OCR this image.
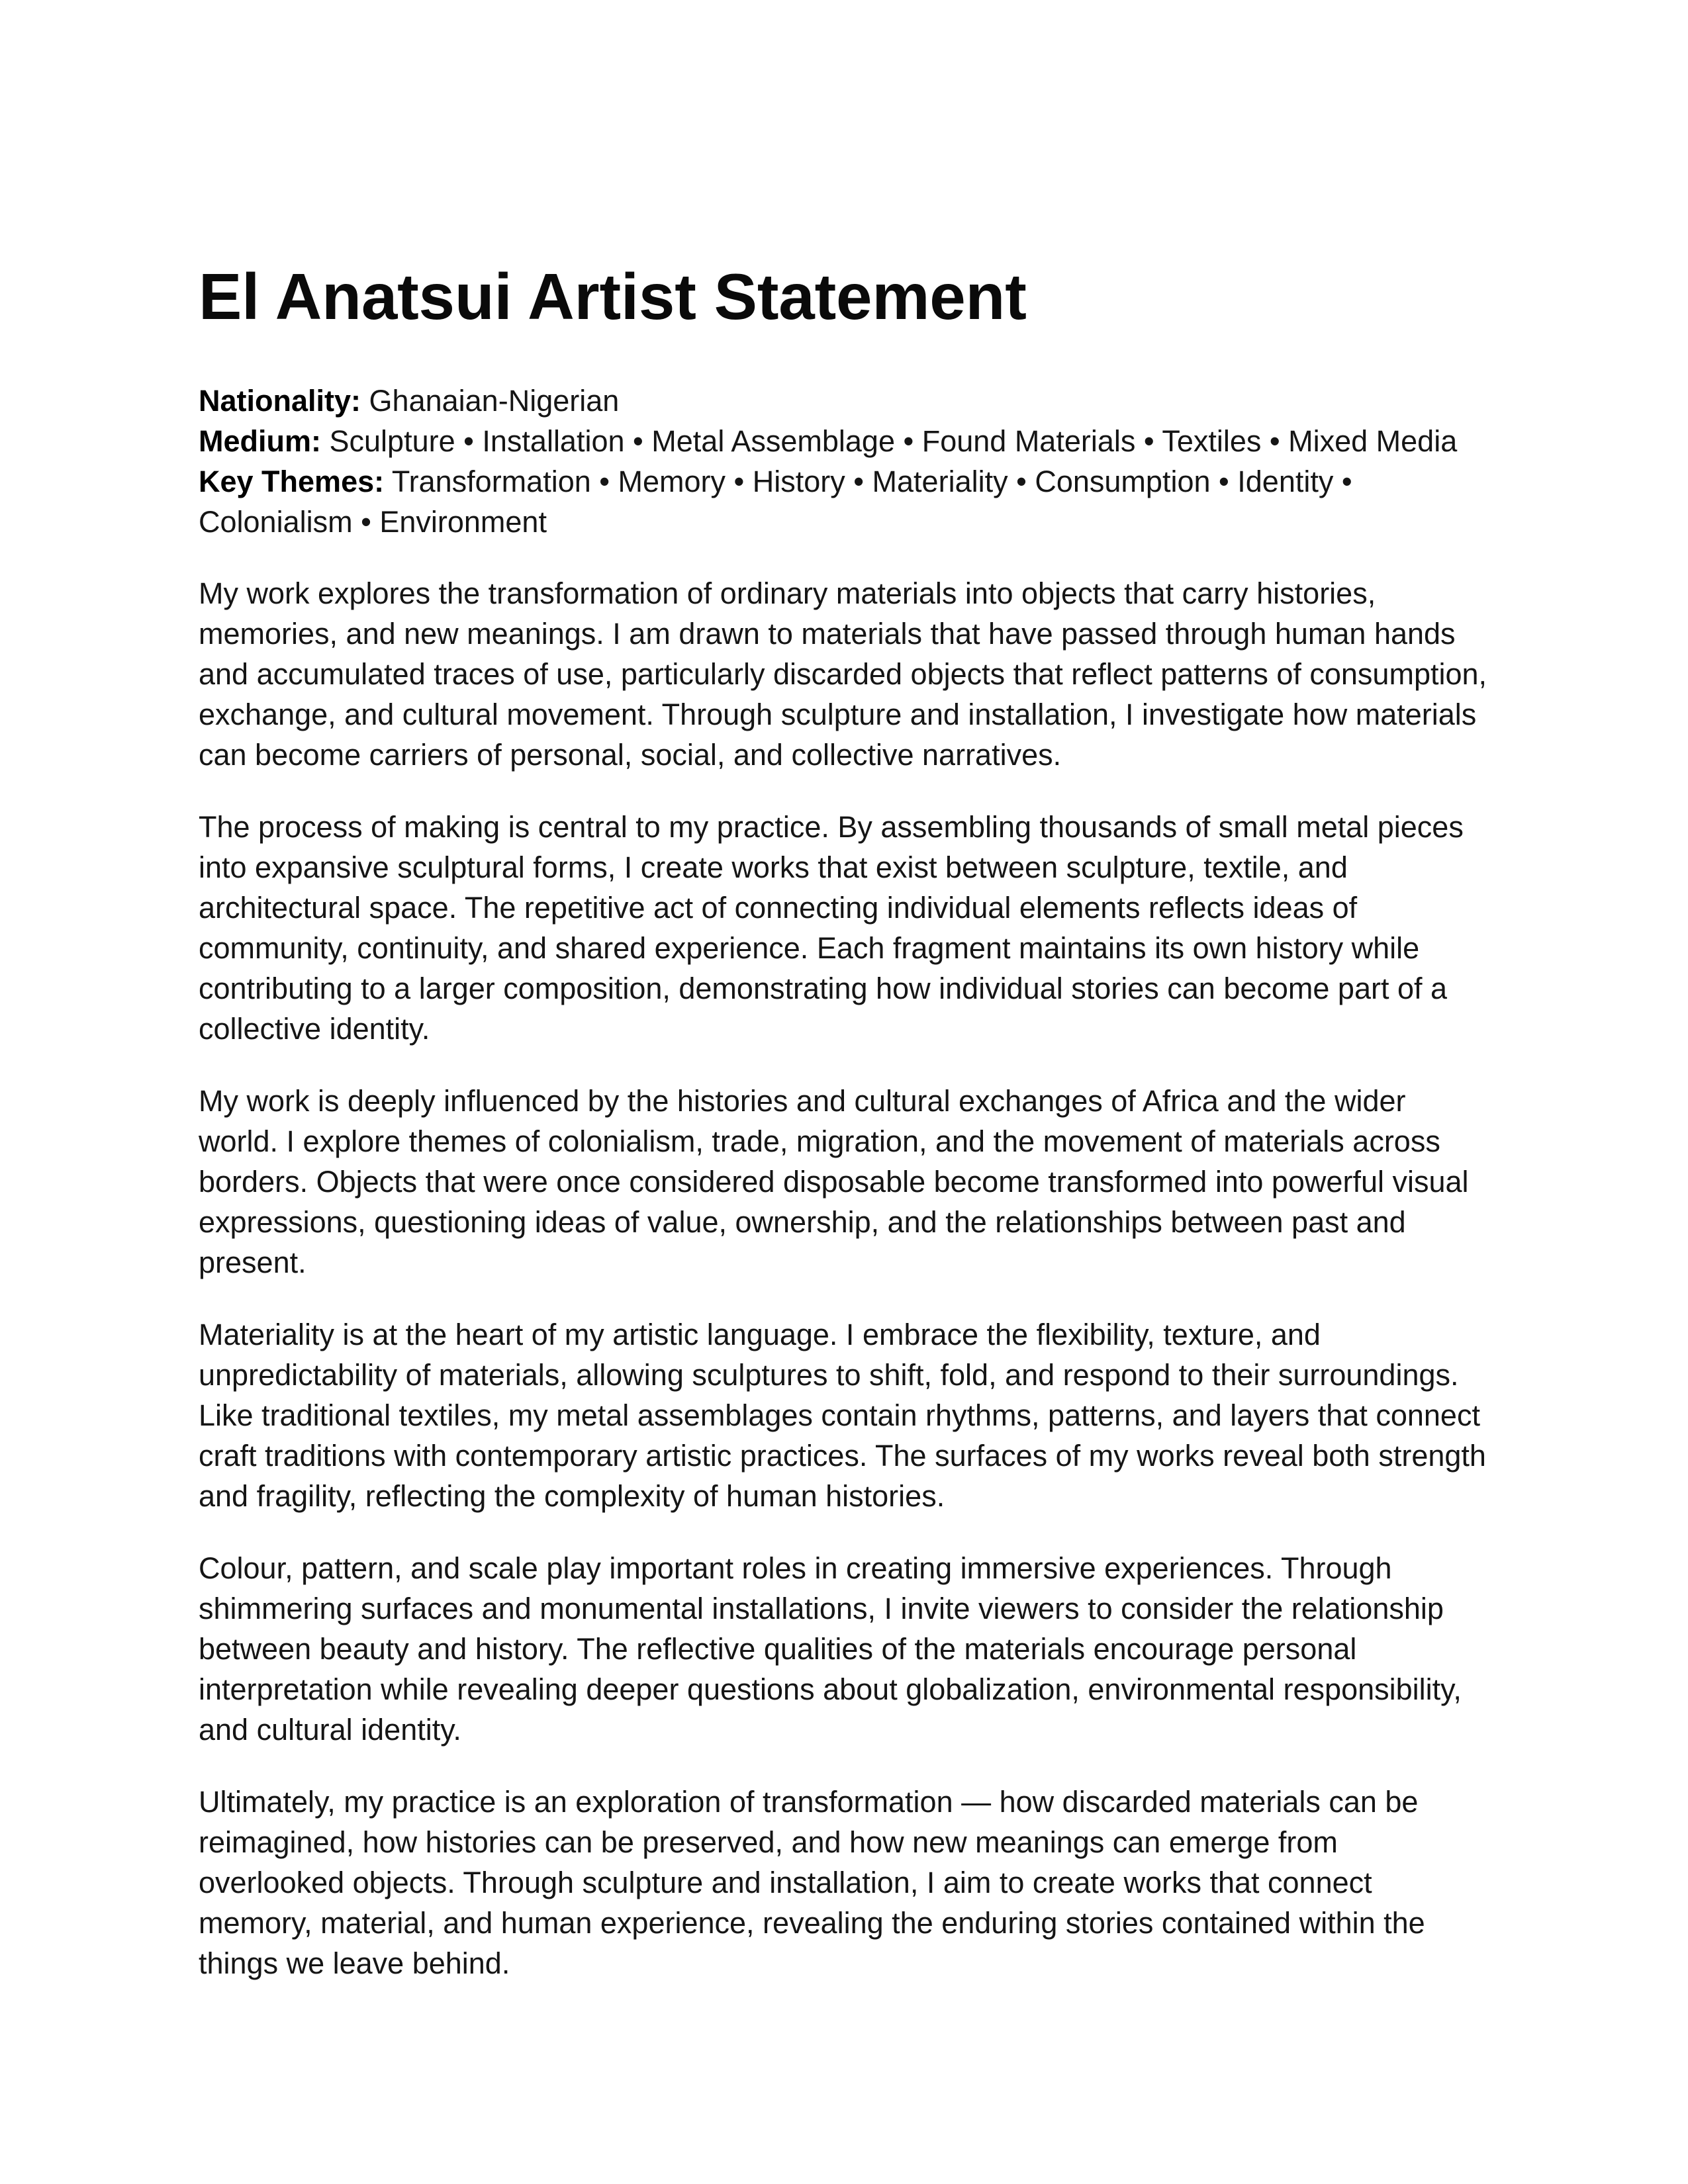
El Anatsui Artist Statement
Nationality: Ghanaian-Nigerian
Medium: Sculpture • Installation • Metal Assemblage • Found Materials • Textiles • Mixed Media
Key Themes: Transformation • Memory • History • Materiality • Consumption • Identity • Colonialism • Environment

My work explores the transformation of ordinary materials into objects that carry histories, memories, and new meanings. I am drawn to materials that have passed through human hands and accumulated traces of use, particularly discarded objects that reflect patterns of consumption, exchange, and cultural movement. Through sculpture and installation, I investigate how materials can become carriers of personal, social, and collective narratives.

The process of making is central to my practice. By assembling thousands of small metal pieces into expansive sculptural forms, I create works that exist between sculpture, textile, and architectural space. The repetitive act of connecting individual elements reflects ideas of community, continuity, and shared experience. Each fragment maintains its own history while contributing to a larger composition, demonstrating how individual stories can become part of a collective identity.

My work is deeply influenced by the histories and cultural exchanges of Africa and the wider world. I explore themes of colonialism, trade, migration, and the movement of materials across borders. Objects that were once considered disposable become transformed into powerful visual expressions, questioning ideas of value, ownership, and the relationships between past and present.

Materiality is at the heart of my artistic language. I embrace the flexibility, texture, and unpredictability of materials, allowing sculptures to shift, fold, and respond to their surroundings. Like traditional textiles, my metal assemblages contain rhythms, patterns, and layers that connect craft traditions with contemporary artistic practices. The surfaces of my works reveal both strength and fragility, reflecting the complexity of human histories.

Colour, pattern, and scale play important roles in creating immersive experiences. Through shimmering surfaces and monumental installations, I invite viewers to consider the relationship between beauty and history. The reflective qualities of the materials encourage personal interpretation while revealing deeper questions about globalization, environmental responsibility, and cultural identity.

Ultimately, my practice is an exploration of transformation — how discarded materials can be reimagined, how histories can be preserved, and how new meanings can emerge from overlooked objects. Through sculpture and installation, I aim to create works that connect memory, material, and human experience, revealing the enduring stories contained within the things we leave behind.
